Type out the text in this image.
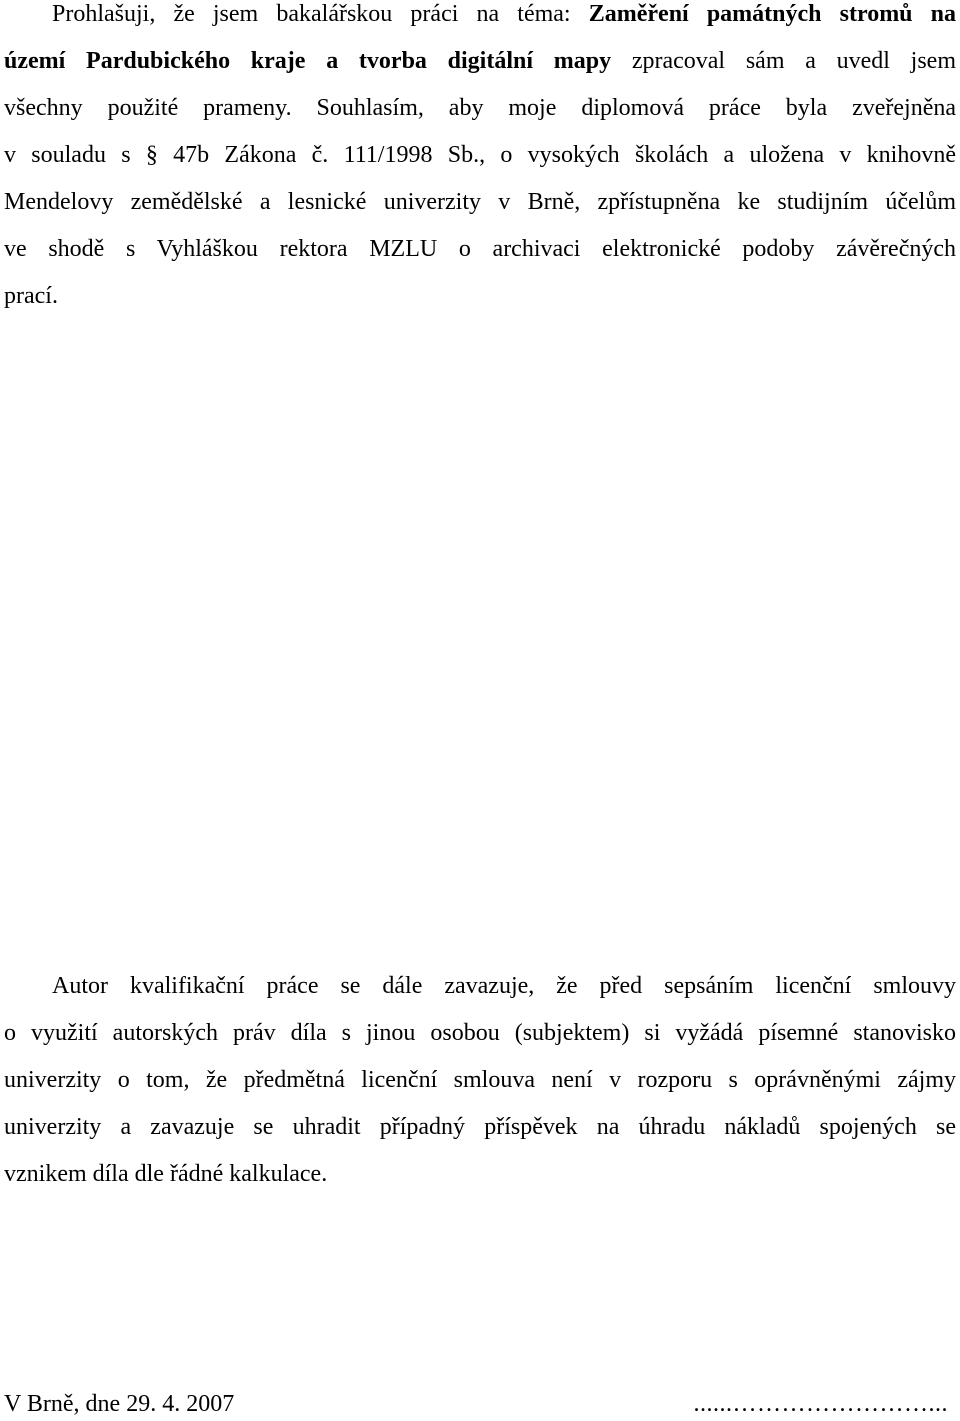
Prohlašuji, že jsem bakalářskou práci na téma: Zaměření památných stromů na
území Pardubického kraje a tvorba digitální mapy zpracoval sám a uvedl jsem
všechny použité prameny. Souhlasím, aby moje diplomová práce byla zveřejněna
v souladu s § 47b Zákona č. 111/1998 Sb., o vysokých školách a uložena v knihovně
Mendelovy zemědělské a lesnické univerzity v Brně, zpřístupněna ke studijním účelům
ve shodě s Vyhláškou rektora MZLU o archivaci elektronické podoby závěrečných
prací.
Autor kvalifikační práce se dále zavazuje, že před sepsáním licenční smlouvy
o využití autorských práv díla s jinou osobou (subjektem) si vyžádá písemné stanovisko
univerzity o tom, že předmětná licenční smlouva není v rozporu s oprávněnými zájmy
univerzity a zavazuje se uhradit případný příspěvek na úhradu nákladů spojených se
vznikem díla dle řádné kalkulace.
V Brně, dne 29. 4. 2007	......……………………...
